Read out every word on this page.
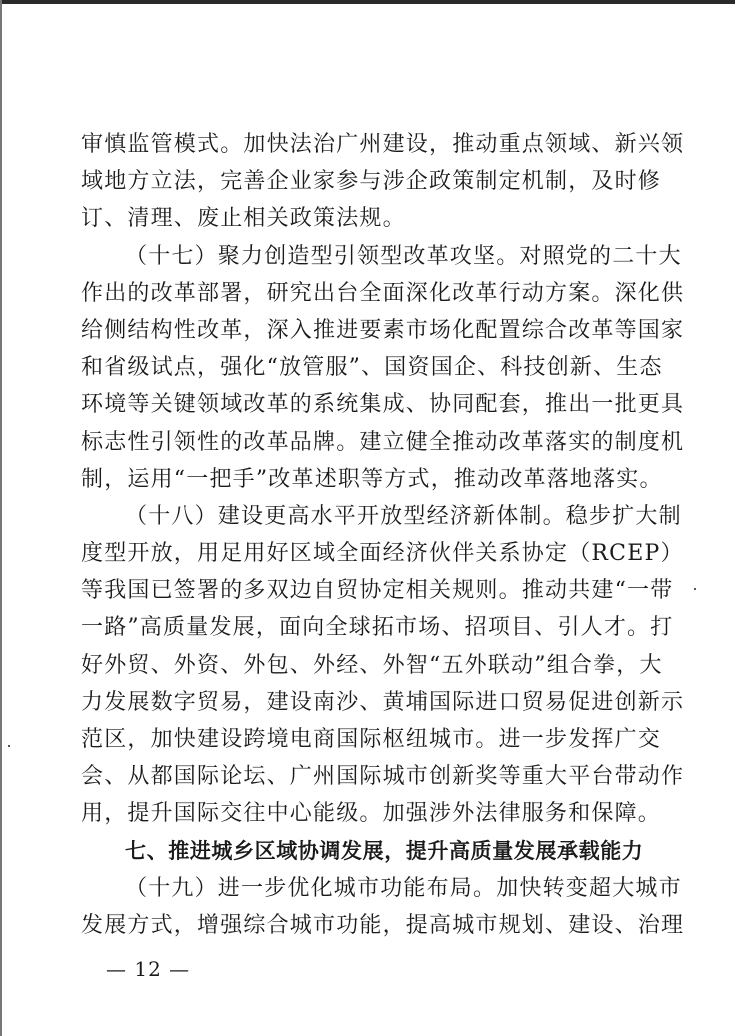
审慎监管模式。加快法治广州建设，推动重点领域、新兴领
域地方立法，完善企业家参与涉企政策制定机制，及时修
订、清理、废止相关政策法规。
（十七）聚力创造型引领型改革攻坚。对照党的二十大
作出的改革部署，研究出台全面深化改革行动方案。深化供
给侧结构性改革，深入推进要素市场化配置综合改革等国家
和省级试点，强化“放管服”、国资国企、科技创新、生态
环境等关键领域改革的系统集成、协同配套，推出一批更具
标志性引领性的改革品牌。建立健全推动改革落实的制度机
制，运用“一把手”改革述职等方式，推动改革落地落实。
（十八）建设更高水平开放型经济新体制。稳步扩大制
度型开放，用足用好区域全面经济伙伴关系协定（RCEP）
等我国已签署的多双边自贸协定相关规则。推动共建“一带
一路”高质量发展，面向全球拓市场、招项目、引人才。打
好外贸、外资、外包、外经、外智“五外联动”组合拳，大
力发展数字贸易，建设南沙、黄埔国际进口贸易促进创新示
范区，加快建设跨境电商国际枢纽城市。进一步发挥广交
会、从都国际论坛、广州国际城市创新奖等重大平台带动作
用，提升国际交往中心能级。加强涉外法律服务和保障。
七、推进城乡区域协调发展，提升高质量发展承载能力
（十九）进一步优化城市功能布局。加快转变超大城市
发展方式，增强综合城市功能，提高城市规划、建设、治理
— 12 —
